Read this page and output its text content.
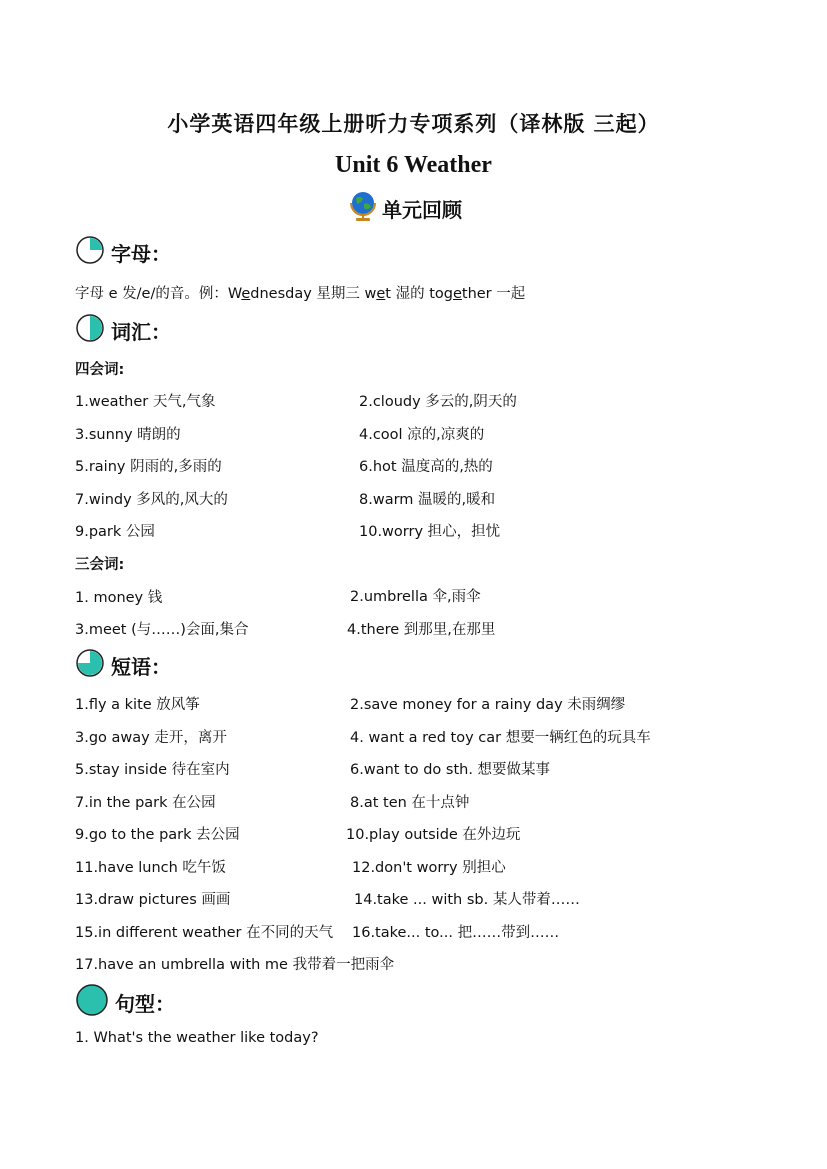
小学英语四年级上册听力专项系列（译林版 三起）
Unit 6 Weather
单元回顾
字母：
字母 e 发/e/的音。例：Wednesday 星期三 wet 湿的 together 一起
词汇：
四会词:
1.weather 天气,气象	2.cloudy 多云的,阴天的
3.sunny 晴朗的	4.cool 凉的,凉爽的
5.rainy 阴雨的,多雨的	6.hot 温度高的,热的
7.windy 多风的,风大的	8.warm 温暖的,暖和
9.park 公园	10.worry 担心，担忧
三会词:
1. money 钱	2.umbrella 伞,雨伞
3.meet (与……)会面,集合	4.there 到那里,在那里
短语：
1.fly a kite 放风筝	2.save money for a rainy day 未雨绸缪
3.go away 走开，离开	4. want a red toy car 想要一辆红色的玩具车
5.stay inside 待在室内	6.want to do sth. 想要做某事
7.in the park 在公园	8.at ten 在十点钟
9.go to the park 去公园	10.play outside 在外边玩
11.have lunch 吃午饭	12.don't worry 别担心
13.draw pictures 画画	14.take ... with sb. 某人带着……
15.in different weather 在不同的天气 16.take... to... 把……带到……
17.have an umbrella with me 我带着一把雨伞
句型：
1. What's the weather like today?
